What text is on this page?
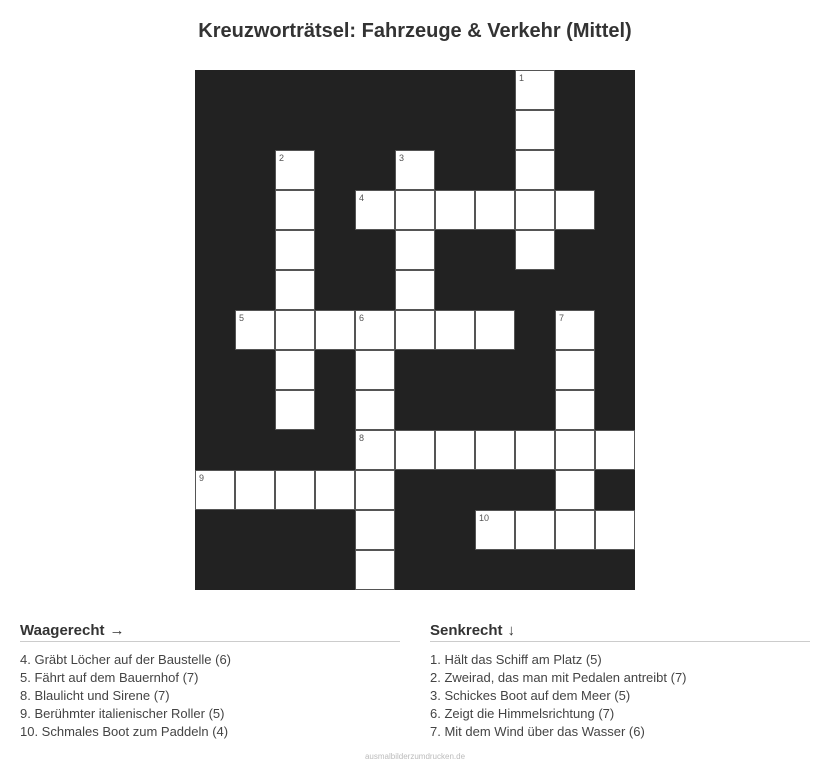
Kreuzworträtsel: Fahrzeuge & Verkehr (Mittel)
1
2	3
4
5	6	7
8
9
10
Waagerecht →
4. Gräbt Löcher auf der Baustelle (6)
5. Fährt auf dem Bauernhof (7)
8. Blaulicht und Sirene (7)
9. Berühmter italienischer Roller (5)
10. Schmales Boot zum Paddeln (4)
Senkrecht ↓
1. Hält das Schiff am Platz (5)
2. Zweirad, das man mit Pedalen antreibt (7)
3. Schickes Boot auf dem Meer (5)
6. Zeigt die Himmelsrichtung (7)
7. Mit dem Wind über das Wasser (6)
ausmalbilderzumdrucken.de
